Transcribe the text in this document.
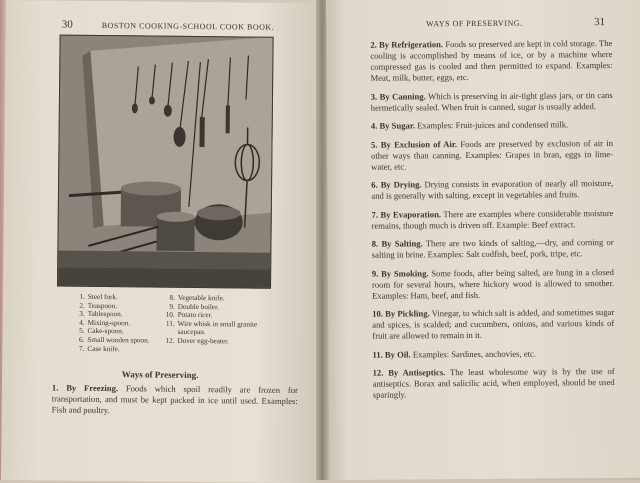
30	BOSTON COOKING-SCHOOL COOK BOOK.
1. Steel fork.
2. Teaspoon.
3. Tablespoon.
4. Mixing-spoon.
5. Cake-spoon.
6. Small wooden spoon.
7. Case knife.
8. Vegetable knife.
9. Double boiler.
10. Potato ricer.
11. Wire whisk in small granite
saucepan.
12. Dover egg-beater.
Ways of Preserving.

1. By Freezing. Foods which spoil readily are frozen for transportation, and must be kept packed in ice until used. Examples: Fish and poultry.

WAYS OF PRESERVING.	31

2. By Refrigeration. Foods so preserved are kept in cold storage. The cooling is accomplished by means of ice, or by a machine where compressed gas is cooled and then permitted to expand. Examples: Meat, milk, butter, eggs, etc.

3. By Canning. Which is preserving in air-tight glass jars, or tin cans hermetically sealed. When fruit is canned, sugar is usually added.

4. By Sugar. Examples: Fruit-juices and condensed milk.

5. By Exclusion of Air. Foods are preserved by exclusion of air in other ways than canning. Examples: Grapes in bran, eggs in lime-water, etc.

6. By Drying. Drying consists in evaporation of nearly all moisture, and is generally with salting, except in vegetables and fruits.

7. By Evaporation. There are examples where considerable moisture remains, though much is driven off. Example: Beef extract.

8. By Salting. There are two kinds of salting,—dry, and corning or salting in brine. Examples: Salt codfish, beef, pork, tripe, etc.

9. By Smoking. Some foods, after being salted, are hung in a closed room for several hours, where hickory wood is allowed to smother. Examples: Ham, beef, and fish.

10. By Pickling. Vinegar, to which salt is added, and sometimes sugar and spices, is scalded; and cucumbers, onions, and various kinds of fruit are allowed to remain in it.

11. By Oil. Examples: Sardines, anchovies, etc.

12. By Antiseptics. The least wholesome way is by the use of antiseptics. Borax and salicilic acid, when employed, should be used sparingly.
